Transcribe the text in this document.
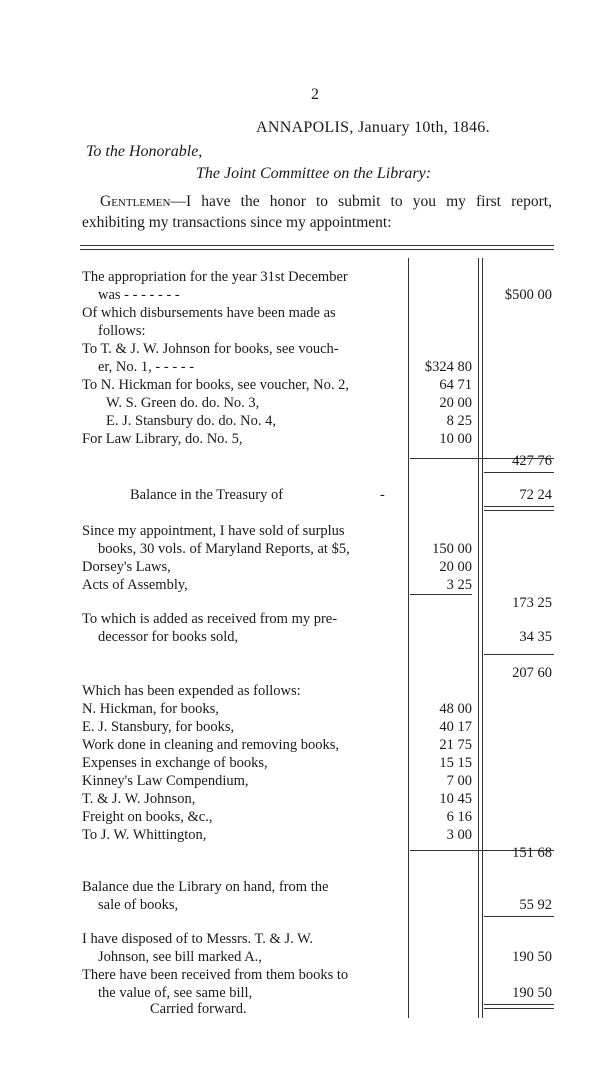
2
ANNAPOLIS, January 10th, 1846.
To the Honorable,
The Joint Committee on the Library:
Gentlemen—I have the honor to submit to you my first report, exhibiting my transactions since my appointment:
The appropriation for the year 31st December
was - - - - - - -	$500 00
Of which disbursements have been made as
follows:
To T. & J. W. Johnson for books, see vouch-
er, No. 1, - - - - -	$324 80
To N. Hickman for books, see voucher, No. 2,	64 71
W. S. Green do. do. No. 3,	20 00
E. J. Stansbury do. do. No. 4,	8 25
For Law Library, do. No. 5,	10 00
427 76
Balance in the Treasury of	-	72 24
Since my appointment, I have sold of surplus
books, 30 vols. of Maryland Reports, at $5,	150 00
Dorsey's Laws,	20 00
Acts of Assembly,	3 25
173 25
To which is added as received from my pre-
decessor for books sold,	34 35
207 60
Which has been expended as follows:
N. Hickman, for books,	48 00
E. J. Stansbury, for books,	40 17
Work done in cleaning and removing books,	21 75
Expenses in exchange of books,	15 15
Kinney's Law Compendium,	7 00
T. & J. W. Johnson,	10 45
Freight on books, &c.,	6 16
To J. W. Whittington,	3 00
151 68
Balance due the Library on hand, from the
sale of books,	55 92
I have disposed of to Messrs. T. & J. W.
Johnson, see bill marked A.,	190 50
There have been received from them books to
the value of, see same bill,	190 50
Carried forward.
